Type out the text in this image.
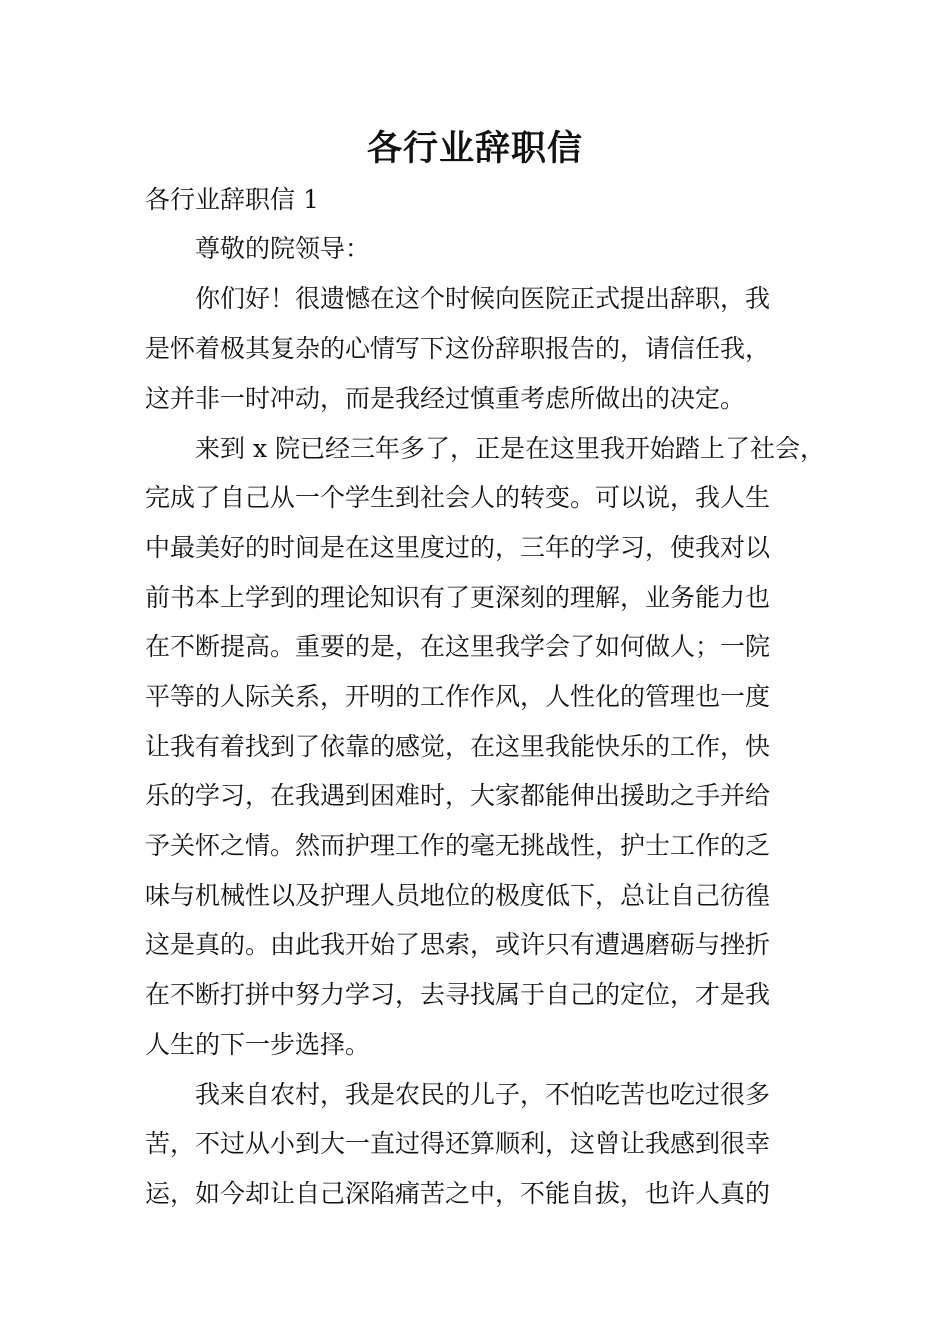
各行业辞职信
各行业辞职信 1
尊敬的院领导：
你们好！很遗憾在这个时候向医院正式提出辞职，我
是怀着极其复杂的心情写下这份辞职报告的，请信任我，
这并非一时冲动，而是我经过慎重考虑所做出的决定。
来到 x 院已经三年多了，正是在这里我开始踏上了社会，
完成了自己从一个学生到社会人的转变。可以说，我人生
中最美好的时间是在这里度过的，三年的学习，使我对以
前书本上学到的理论知识有了更深刻的理解，业务能力也
在不断提高。重要的是，在这里我学会了如何做人；一院
平等的人际关系，开明的工作作风，人性化的管理也一度
让我有着找到了依靠的感觉，在这里我能快乐的工作，快
乐的学习，在我遇到困难时，大家都能伸出援助之手并给
予关怀之情。然而护理工作的毫无挑战性，护士工作的乏
味与机械性以及护理人员地位的极度低下，总让自己彷徨
这是真的。由此我开始了思索，或许只有遭遇磨砺与挫折
在不断打拼中努力学习，去寻找属于自己的定位，才是我
人生的下一步选择。
我来自农村，我是农民的儿子，不怕吃苦也吃过很多
苦，不过从小到大一直过得还算顺利，这曾让我感到很幸
运，如今却让自己深陷痛苦之中，不能自拔，也许人真的
